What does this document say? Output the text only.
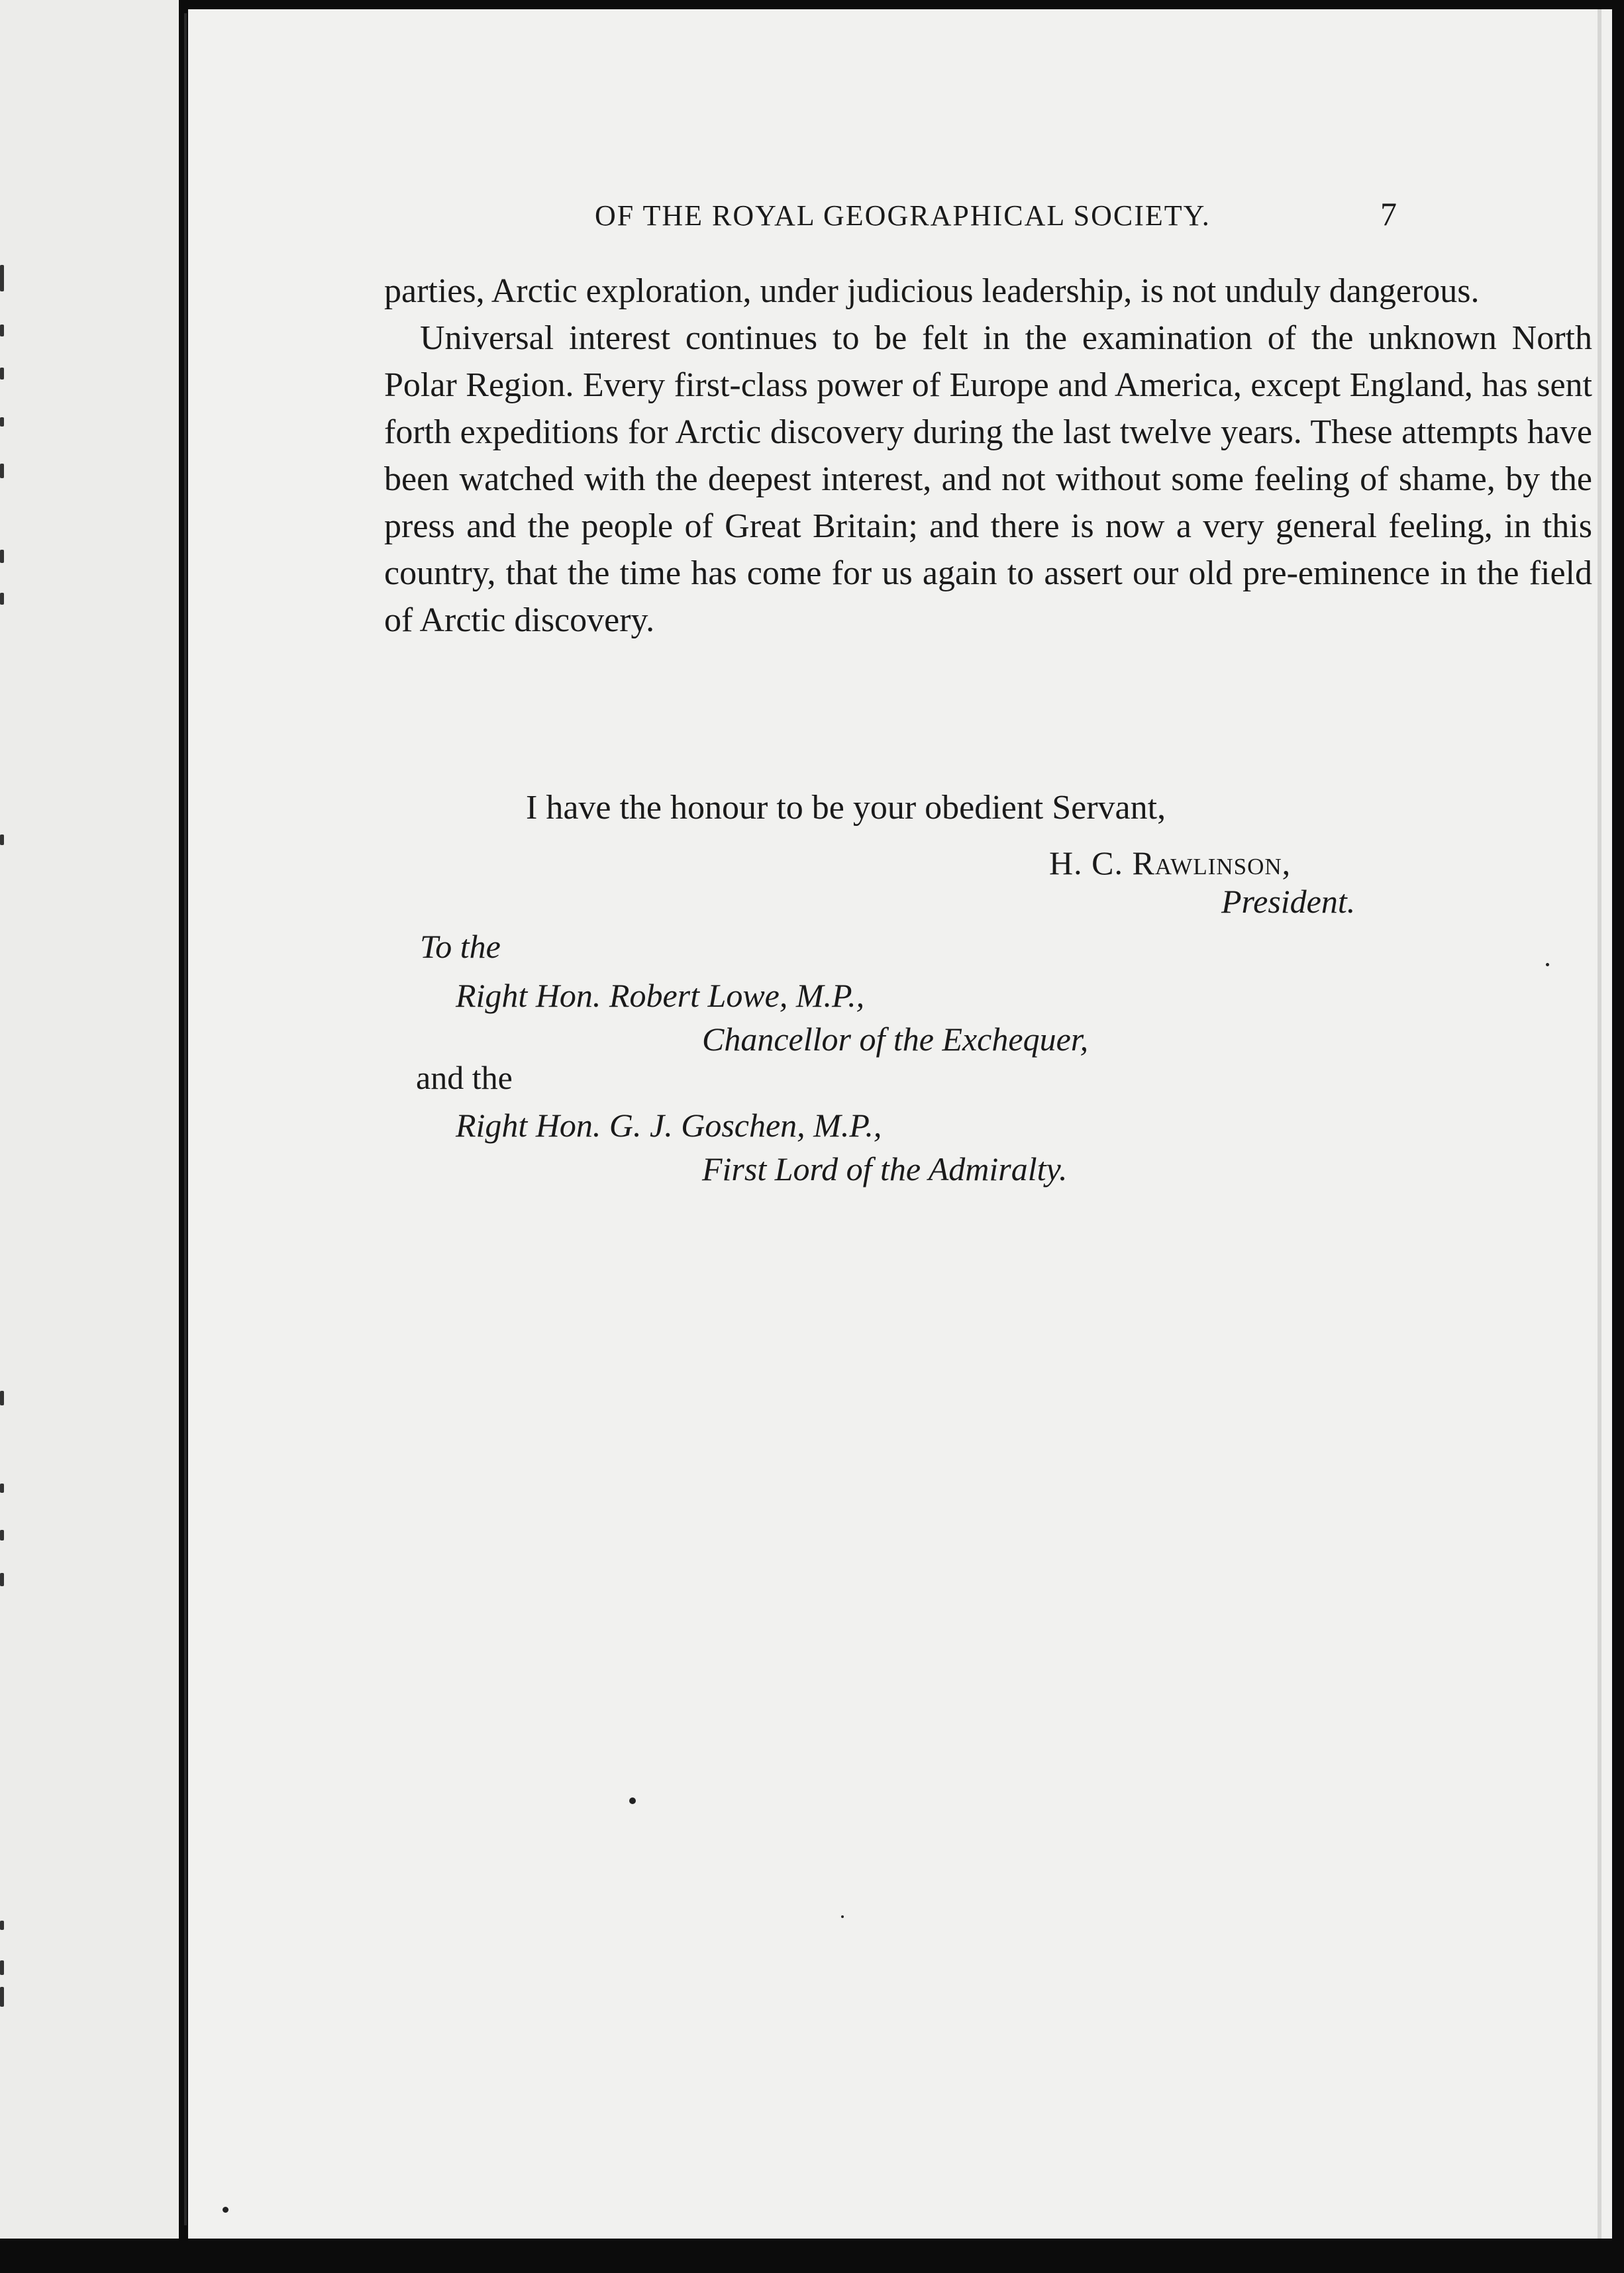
OF THE ROYAL GEOGRAPHICAL SOCIETY.	7

parties, Arctic exploration, under judicious leadership, is not unduly dangerous.

Universal interest continues to be felt in the examination of the unknown North Polar Region. Every first-class power of Europe and America, except England, has sent forth expeditions for Arctic discovery during the last twelve years. These attempts have been watched with the deepest interest, and not without some feeling of shame, by the press and the people of Great Britain; and there is now a very general feeling, in this country, that the time has come for us again to assert our old pre-eminence in the field of Arctic discovery.

I have the honour to be your obedient Servant,
H. C. Rawlinson,
President.
To the
Right Hon. Robert Lowe, M.P.,
Chancellor of the Exchequer,
and the
Right Hon. G. J. Goschen, M.P.,
First Lord of the Admiralty.
